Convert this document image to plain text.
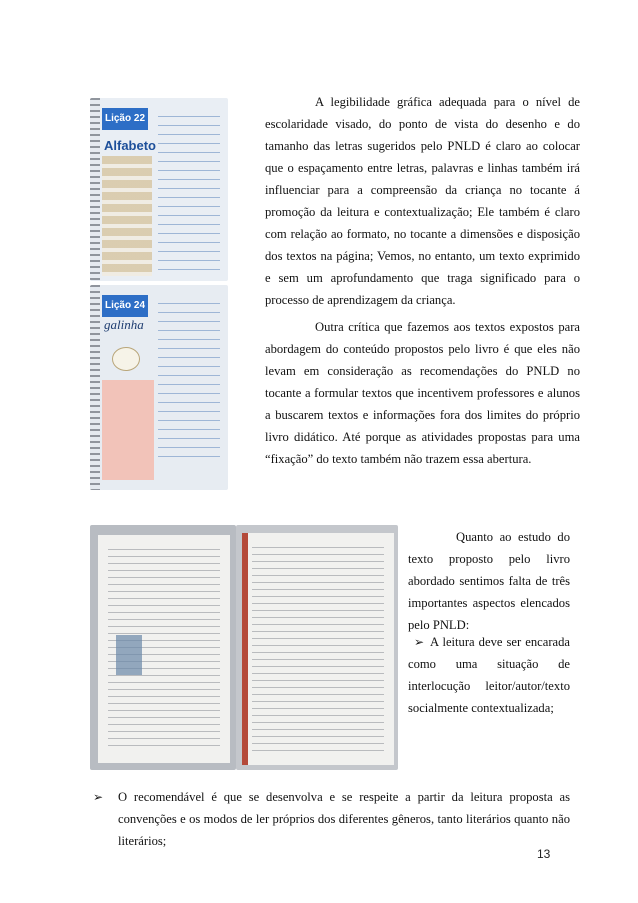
Lição 22
Alfabeto
Lição 24
galinha

A legibilidade gráfica adequada para o nível de escolaridade visado, do ponto de vista do desenho e do tamanho das letras sugeridos pelo PNLD é claro ao colocar que o espaçamento entre letras, palavras e linhas também irá influenciar para a compreensão da criança no tocante á promoção da leitura e contextualização; Ele também é claro com relação ao formato, no tocante a dimensões e disposição dos textos na página; Vemos, no entanto, um texto exprimido e sem um aprofundamento que traga significado para o processo de aprendizagem da criança.

Outra crítica que fazemos aos textos expostos para abordagem do conteúdo propostos pelo livro é que eles não levam em consideração as recomendações do PNLD no tocante a formular textos que incentivem professores e alunos a buscarem textos e informações fora dos limites do próprio livro didático. Até porque as atividades propostas para uma “fixação” do texto também não trazem essa abertura.

Quanto ao estudo do texto proposto pelo livro abordado sentimos falta de três importantes aspectos elencados pelo PNLD:

➢ A leitura deve ser encarada como uma situação de interlocução leitor/autor/texto socialmente contextualizada;

➢ O recomendável é que se desenvolva e se respeite a partir da leitura proposta as convenções e os modos de ler próprios dos diferentes gêneros, tanto literários quanto não literários;

13
